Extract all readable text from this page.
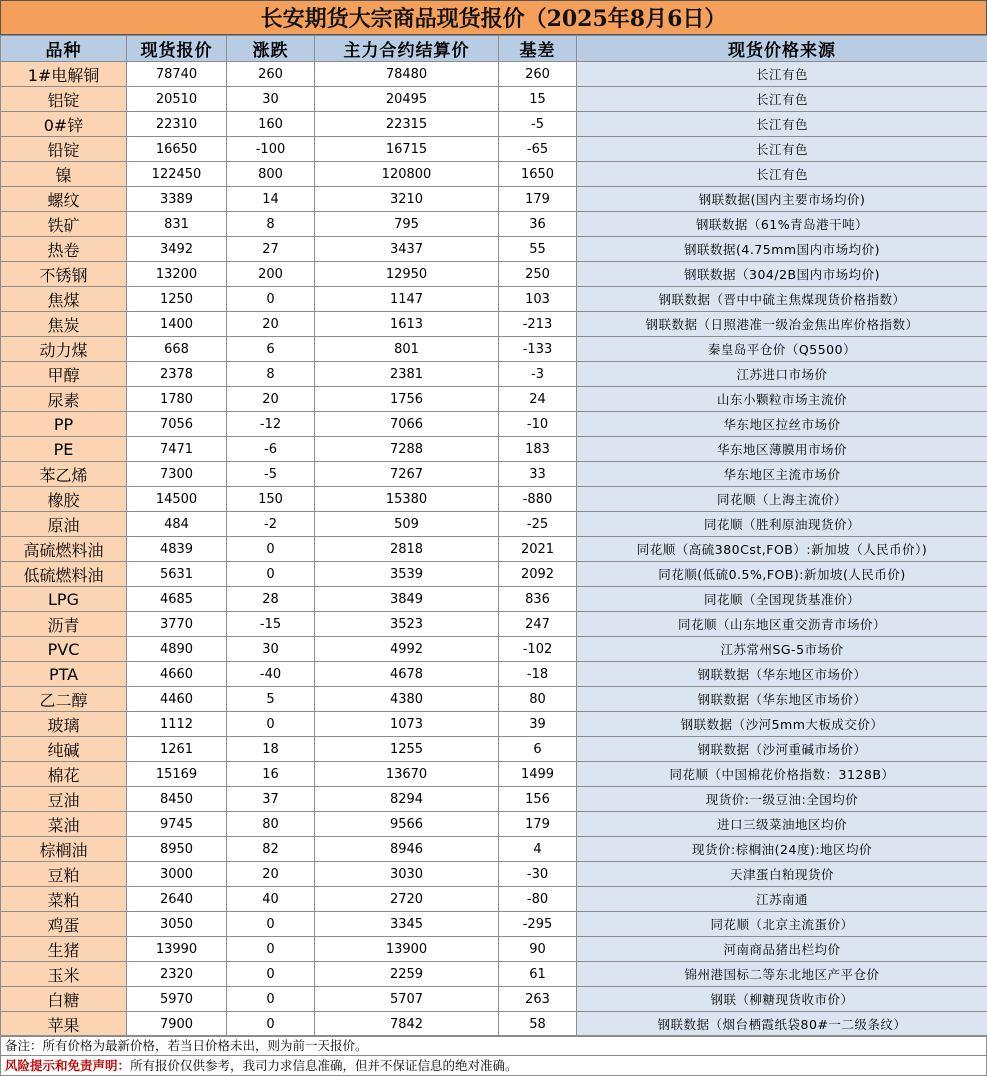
长安期货大宗商品现货报价（2025年8月6日）
品种	现货报价	涨跌	主力合约结算价	基差	现货价格来源
1#电解铜	78740	260	78480	260	长江有色
铝锭	20510	30	20495	15	长江有色
0#锌	22310	160	22315	-5	长江有色
铅锭	16650	-100	16715	-65	长江有色
镍	122450	800	120800	1650	长江有色
螺纹	3389	14	3210	179	钢联数据(国内主要市场均价)
铁矿	831	8	795	36	钢联数据（61%青岛港干吨）
热卷	3492	27	3437	55	钢联数据(4.75mm国内市场均价)
不锈钢	13200	200	12950	250	钢联数据（304/2B国内市场均价)
焦煤	1250	0	1147	103	钢联数据（晋中中硫主焦煤现货价格指数）
焦炭	1400	20	1613	-213	钢联数据（日照港准一级冶金焦出库价格指数）
动力煤	668	6	801	-133	秦皇岛平仓价（Q5500）
甲醇	2378	8	2381	-3	江苏进口市场价
尿素	1780	20	1756	24	山东小颗粒市场主流价
PP	7056	-12	7066	-10	华东地区拉丝市场价
PE	7471	-6	7288	183	华东地区薄膜用市场价
苯乙烯	7300	-5	7267	33	华东地区主流市场价
橡胶	14500	150	15380	-880	同花顺（上海主流价）
原油	484	-2	509	-25	同花顺（胜利原油现货价）
高硫燃料油	4839	0	2818	2021	同花顺（高硫380Cst,FOB）:新加坡（人民币价）)
低硫燃料油	5631	0	3539	2092	同花顺(低硫0.5%,FOB):新加坡(人民币价)
LPG	4685	28	3849	836	同花顺（全国现货基准价）
沥青	3770	-15	3523	247	同花顺（山东地区重交沥青市场价）
PVC	4890	30	4992	-102	江苏常州SG-5市场价
PTA	4660	-40	4678	-18	钢联数据（华东地区市场价）
乙二醇	4460	5	4380	80	钢联数据（华东地区市场价）
玻璃	1112	0	1073	39	钢联数据（沙河5mm大板成交价）
纯碱	1261	18	1255	6	钢联数据（沙河重碱市场价）
棉花	15169	16	13670	1499	同花顺（中国棉花价格指数：3128B）
豆油	8450	37	8294	156	现货价:一级豆油:全国均价
菜油	9745	80	9566	179	进口三级菜油地区均价
棕榈油	8950	82	8946	4	现货价:棕榈油(24度):地区均价
豆粕	3000	20	3030	-30	天津蛋白粕现货价
菜粕	2640	40	2720	-80	江苏南通
鸡蛋	3050	0	3345	-295	同花顺（北京主流蛋价）
生猪	13990	0	13900	90	河南商品猪出栏均价
玉米	2320	0	2259	61	锦州港国标二等东北地区产平仓价
白糖	5970	0	5707	263	钢联（柳糖现货收市价）
苹果	7900	0	7842	58	钢联数据（烟台栖霞纸袋80#一二级条纹）
备注：所有价格为最新价格，若当日价格未出，则为前一天报价。
风险提示和免责声明：所有报价仅供参考，我司力求信息准确，但并不保证信息的绝对准确。
